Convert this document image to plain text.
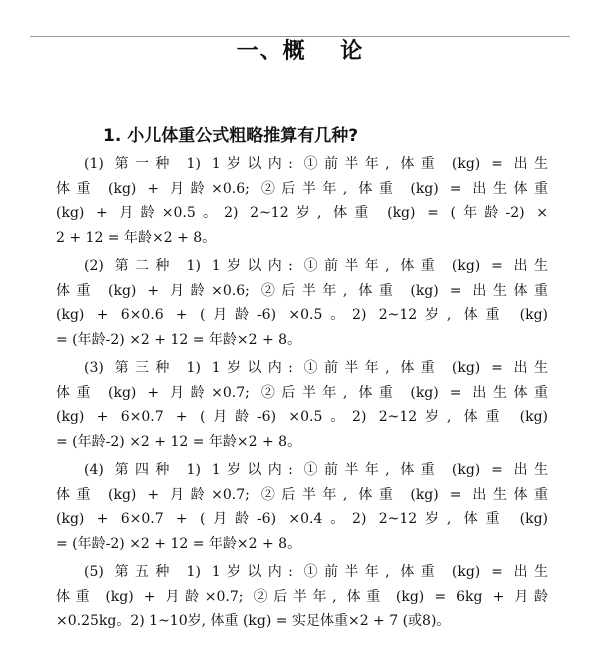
一、概    论
1. 小儿体重公式粗略推算有几种?
(1) 第一种 1) 1岁以内: ①前半年, 体重 (kg) = 出生
体重 (kg) + 月龄×0.6; ②后半年, 体重 (kg) = 出生体重
(kg) + 月龄×0.5。2) 2~12岁, 体重 (kg) = (年龄-2) ×
2 + 12 = 年龄×2 + 8。
(2) 第二种 1) 1岁以内: ①前半年, 体重 (kg) = 出生
体重 (kg) + 月龄×0.6; ②后半年, 体重 (kg) = 出生体重
(kg) + 6×0.6 + (月龄-6) ×0.5。2) 2~12岁, 体重 (kg)
= (年龄-2) ×2 + 12 = 年龄×2 + 8。
(3) 第三种 1) 1岁以内: ①前半年, 体重 (kg) = 出生
体重 (kg) + 月龄×0.7; ②后半年, 体重 (kg) = 出生体重
(kg) + 6×0.7 + (月龄-6) ×0.5。2) 2~12岁, 体重 (kg)
= (年龄-2) ×2 + 12 = 年龄×2 + 8。
(4) 第四种 1) 1岁以内: ①前半年, 体重 (kg) = 出生
体重 (kg) + 月龄×0.7; ②后半年, 体重 (kg) = 出生体重
(kg) + 6×0.7 + (月龄-6) ×0.4。2) 2~12岁, 体重 (kg)
= (年龄-2) ×2 + 12 = 年龄×2 + 8。
(5) 第五种 1) 1岁以内: ①前半年, 体重 (kg) = 出生
体重 (kg) + 月龄×0.7; ②后半年, 体重 (kg) = 6kg + 月龄
×0.25kg。2) 1~10岁, 体重 (kg) = 实足体重×2 + 7 (或8)。
